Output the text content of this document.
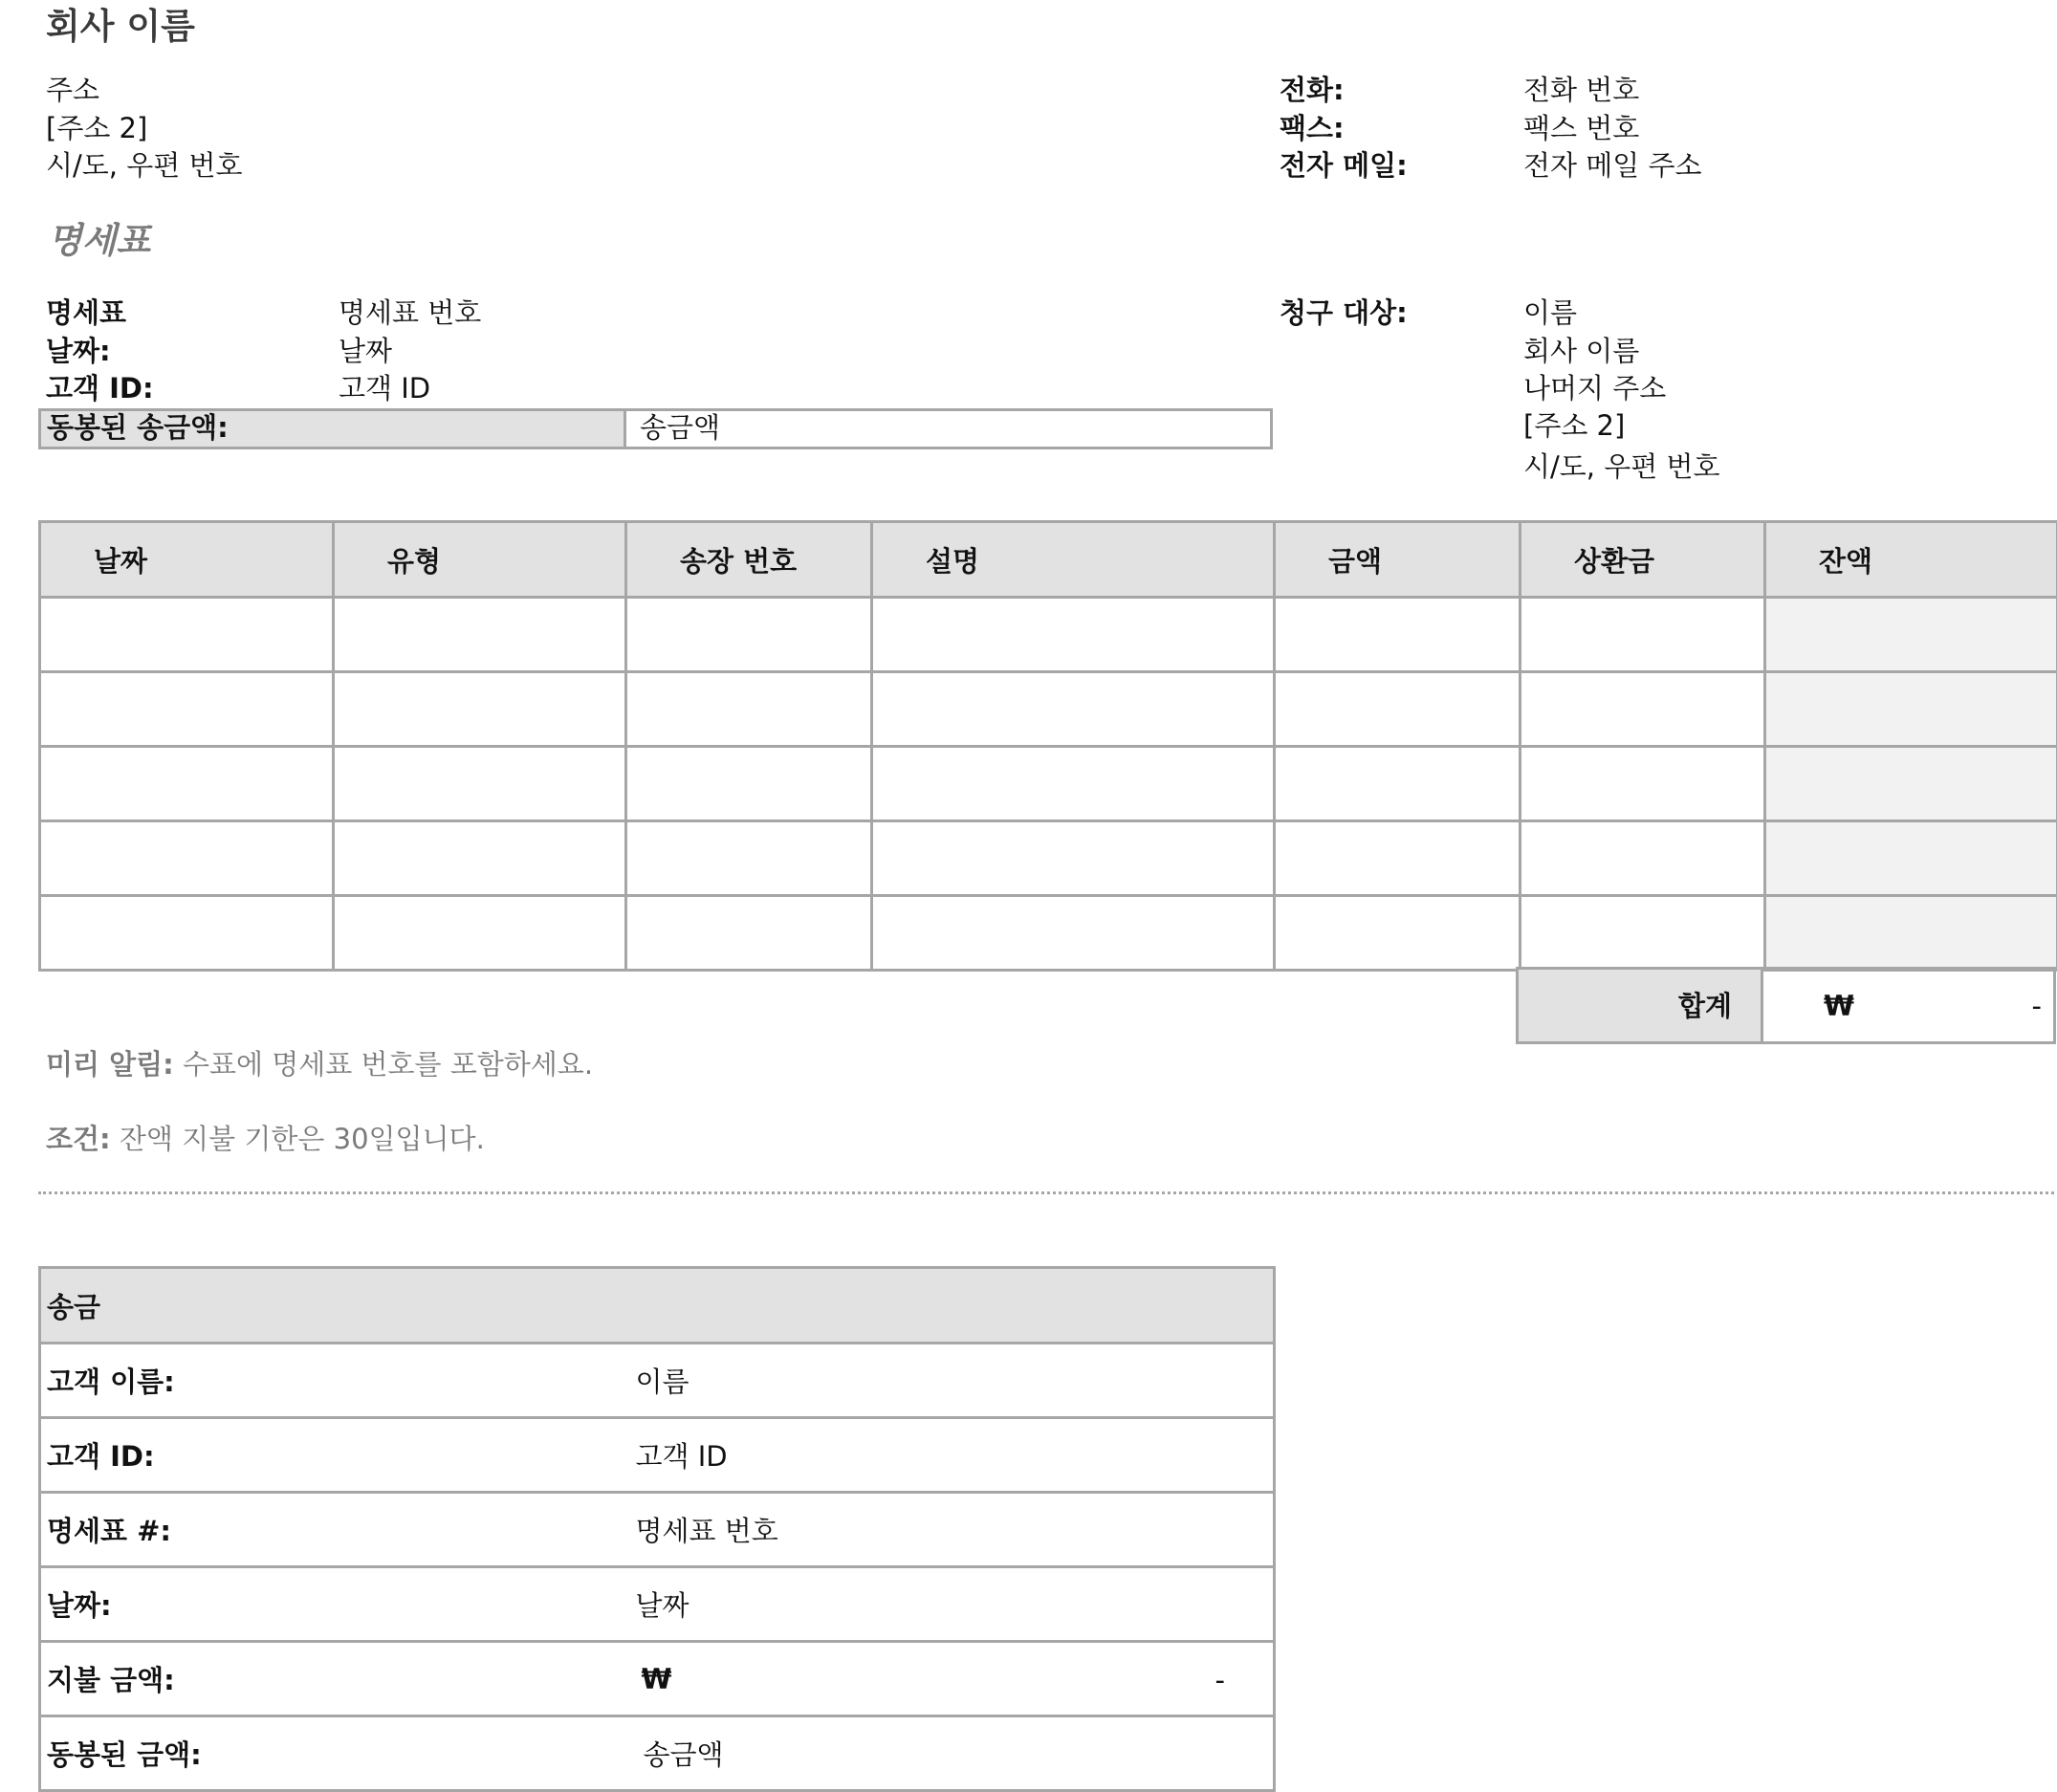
회사 이름
주소
[주소 2]
시/도, 우편 번호
전화:	전화 번호
팩스:	팩스 번호
전자 메일:	전자 메일 주소
명세표
명세표	명세표 번호
날짜:	날짜
고객 ID:	고객 ID
동봉된 송금액:	송금액
청구 대상:	이름
회사 이름
나머지 주소
[주소 2]
시/도, 우편 번호
날짜	유형	송장 번호	설명	금액	상환금	잔액

합계	₩	-
미리 알림: 수표에 명세표 번호를 포함하세요.
조건: 잔액 지불 기한은 30일입니다.
송금	
고객 이름:	이름
고객 ID:	고객 ID
명세표 #:	명세표 번호
날짜:	날짜
지불 금액:	₩ -

동봉된 금액:	송금액
